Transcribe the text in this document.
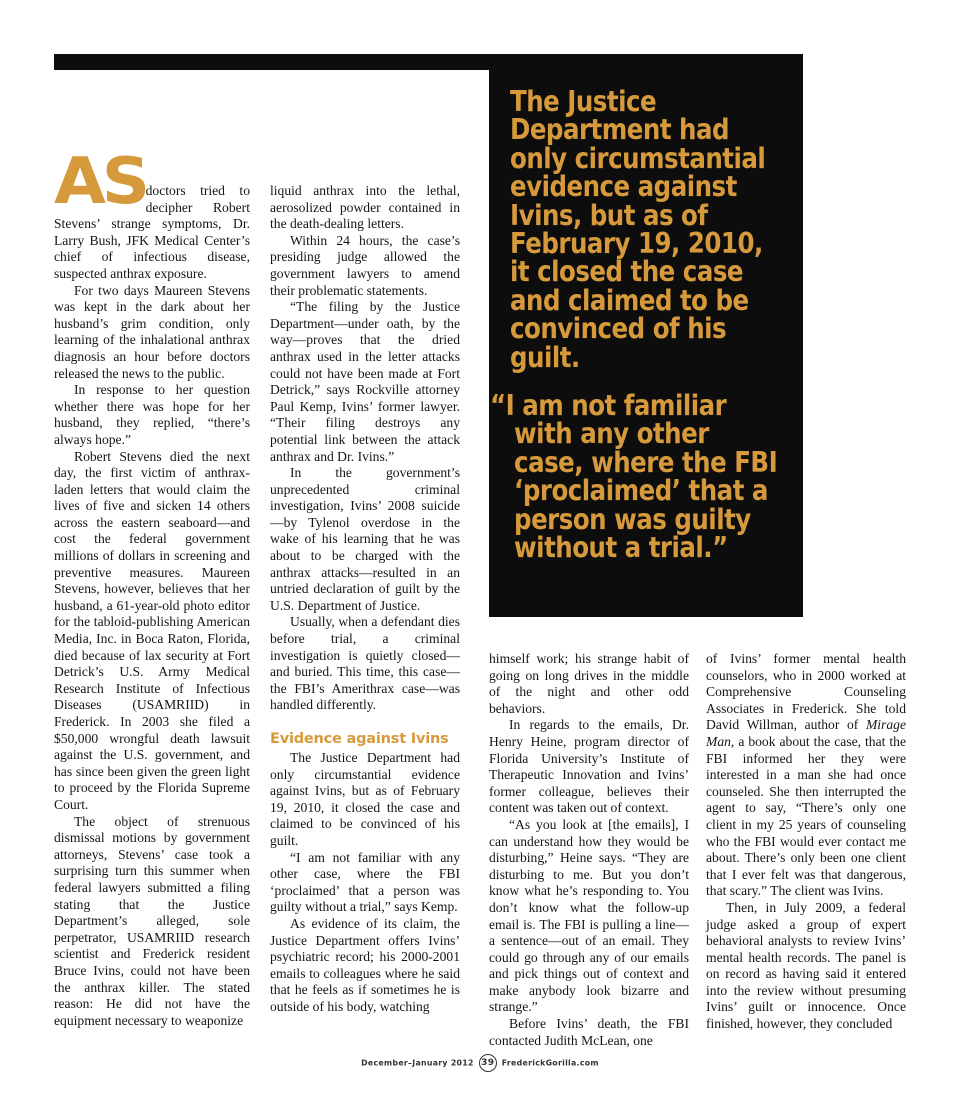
The Justice
Department had
only circumstantial
evidence against
Ivins, but as of
February 19, 2010,
it closed the case
and claimed to be
convinced of his
guilt.
“I am not familiar
with any other
case, where the FBI
‘proclaimed’ that a
person was guilty
without a trial.”

AS doctors tried to decipher Robert Stevens’ strange symptoms, Dr. Larry Bush, JFK Medical Center’s chief of infectious disease, suspected anthrax exposure.

For two days Maureen Stevens was kept in the dark about her husband’s grim condition, only learning of the inhalational anthrax diagnosis an hour before doctors released the news to the public.

In response to her question whether there was hope for her husband, they replied, “there’s always hope.”

Robert Stevens died the next day, the first victim of anthrax-laden letters that would claim the lives of five and sicken 14 others across the eastern seaboard—and cost the federal government millions of dollars in screening and preventive measures. Maureen Stevens, however, believes that her husband, a 61-year-old photo editor for the tabloid-publishing American Media, Inc. in Boca Raton, Florida, died because of lax security at Fort Detrick’s U.S. Army Medical Research Institute of Infectious Diseases (USAMRIID) in Frederick. In 2003 she filed a $50,000 wrongful death lawsuit against the U.S. government, and has since been given the green light to proceed by the Florida Supreme Court.

The object of strenuous dismissal motions by government attorneys, Stevens’ case took a surprising turn this summer when federal lawyers submitted a filing stating that the Justice Department’s alleged, sole perpetrator, USAMRIID research scientist and Frederick resident Bruce Ivins, could not have been the anthrax killer. The stated reason: He did not have the equipment necessary to weaponize

liquid anthrax into the lethal, aerosolized powder contained in the death-dealing letters.

Within 24 hours, the case’s presiding judge allowed the government lawyers to amend their problematic statements.

“The filing by the Justice Department—under oath, by the way—proves that the dried anthrax used in the letter attacks could not have been made at Fort Detrick,” says Rockville attorney Paul Kemp, Ivins’ former lawyer. “Their filing destroys any potential link between the attack anthrax and Dr. Ivins.”

In the government’s unprecedented criminal investigation, Ivins’ 2008 suicide—by Tylenol overdose in the wake of his learning that he was about to be charged with the anthrax attacks—resulted in an untried declaration of guilt by the U.S. Department of Justice.

Usually, when a defendant dies before trial, a criminal investigation is quietly closed—and buried. This time, this case—the FBI’s Amerithrax case—was handled differently.

Evidence against Ivins

The Justice Department had only circumstantial evidence against Ivins, but as of February 19, 2010, it closed the case and claimed to be convinced of his guilt.

“I am not familiar with any other case, where the FBI ‘proclaimed’ that a person was guilty without a trial,” says Kemp.

As evidence of its claim, the Justice Department offers Ivins’ psychiatric record; his 2000-2001 emails to colleagues where he said that he feels as if sometimes he is outside of his body, watching

himself work; his strange habit of going on long drives in the middle of the night and other odd behaviors.

In regards to the emails, Dr. Henry Heine, program director of Florida University’s Institute of Therapeutic Innovation and Ivins’ former colleague, believes their content was taken out of context.

“As you look at [the emails], I can understand how they would be disturbing,” Heine says. “They are disturbing to me. But you don’t know what he’s responding to. You don’t know what the follow-up email is. The FBI is pulling a line—a sentence—out of an email. They could go through any of our emails and pick things out of context and make anybody look bizarre and strange.”

Before Ivins’ death, the FBI contacted Judith McLean, one

of Ivins’ former mental health counselors, who in 2000 worked at Comprehensive Counseling Associates in Frederick. She told David Willman, author of Mirage Man, a book about the case, that the FBI informed her they were interested in a man she had once counseled. She then interrupted the agent to say, “There’s only one client in my 25 years of counseling who the FBI would ever contact me about. There’s only been one client that I ever felt was that dangerous, that scary.” The client was Ivins.

Then, in July 2009, a federal judge asked a group of expert behavioral analysts to review Ivins’ mental health records. The panel is on record as having said it entered into the review without presuming Ivins’ guilt or innocence. Once finished, however, they concluded

December–January 2012 39 FrederickGorilla.com
